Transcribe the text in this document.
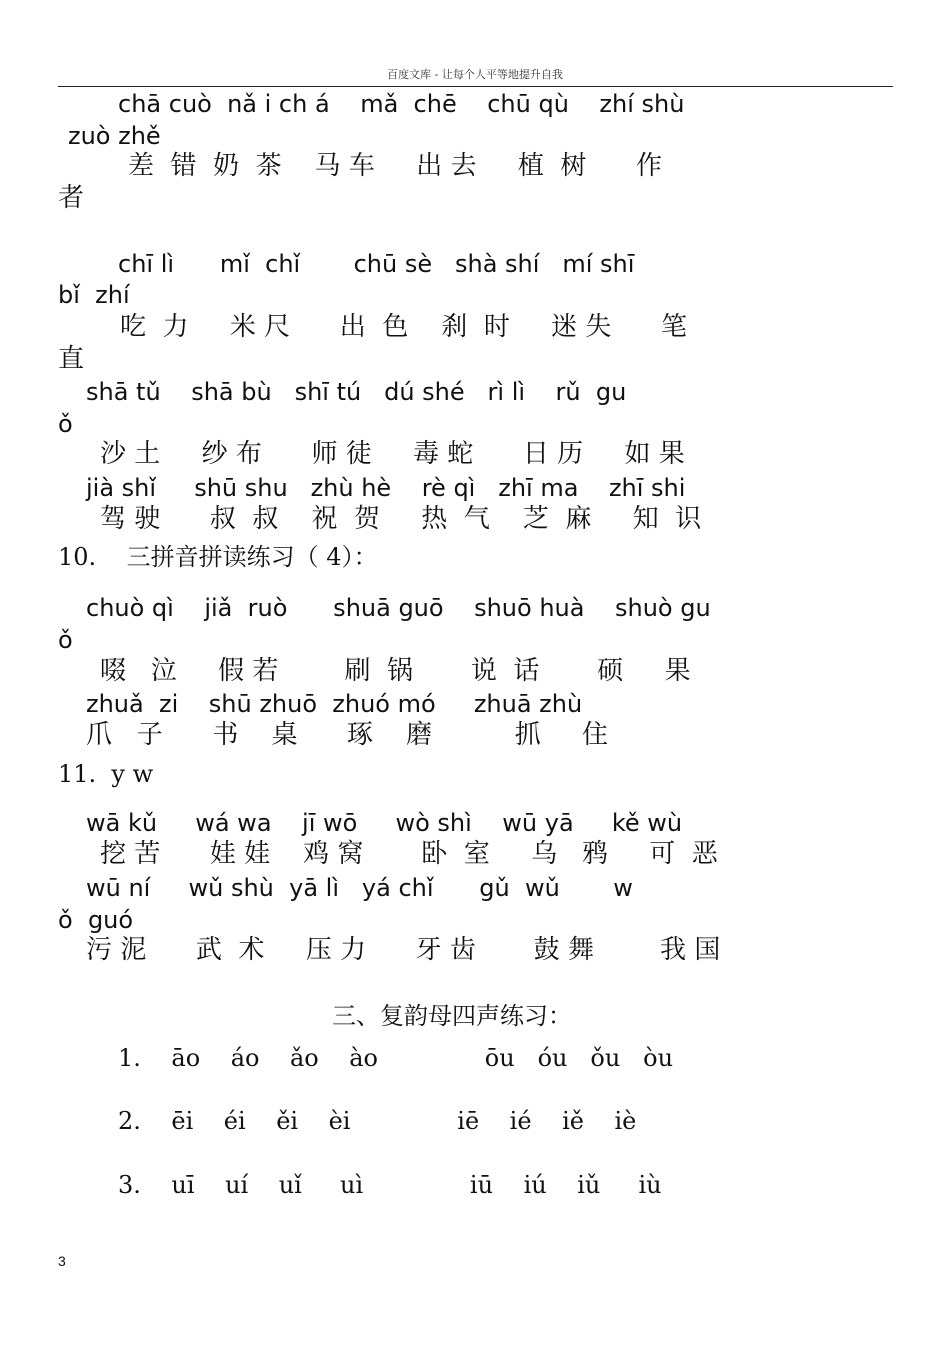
百度文库 - 让每个人平等地提升自我
chā cuò  nǎ i ch á    mǎ  chē    chū qù    zhí shù
zuò zhě
差  错  奶  茶    马 车     出 去     植  树      作
者
chī lì      mǐ  chǐ       chū sè   shà shí   mí shī
bǐ  zhí
吃  力     米 尺      出  色    刹  时     迷 失      笔
直
shā tǔ    shā bù   shī tú   dú shé   rì lì    rǔ  gu
ǒ
沙 土     纱 布      师 徒     毒 蛇      日 历     如 果
jià shǐ     shū shu   zhù hè    rè qì   zhī ma    zhī shi
驾 驶      叔  叔    祝  贺     热  气    芝  麻     知  识
10.    三拼音拼读练习（ 4）：
chuò qì    jiǎ  ruò      shuā guō    shuō huà    shuò gu
ǒ
啜   泣     假 若        刷  锅       说  话       硕     果
zhuǎ  zi    shū zhuō  zhuó mó     zhuā zhù
爪   子      书    桌      琢    磨          抓     住
11.  y w
wā kǔ     wá wa    jī wō     wò shì    wū yā     kě wù
挖 苦      娃 娃    鸡 窝       卧  室     乌   鸦     可  恶
wū ní     wǔ shù  yā lì   yá chǐ      gǔ  wǔ       w
ǒ  guó
污 泥      武  术     压 力      牙 齿       鼓 舞        我 国
三、复韵母四声练习：
1.    āo    áo    ǎo    ào              ōu   óu   ǒu   òu
2.    ēi    éi    ěi    èi              iē    ié    iě    iè
3.    uī    uí    uǐ     uì              iū    iú    iǔ     iù
3
